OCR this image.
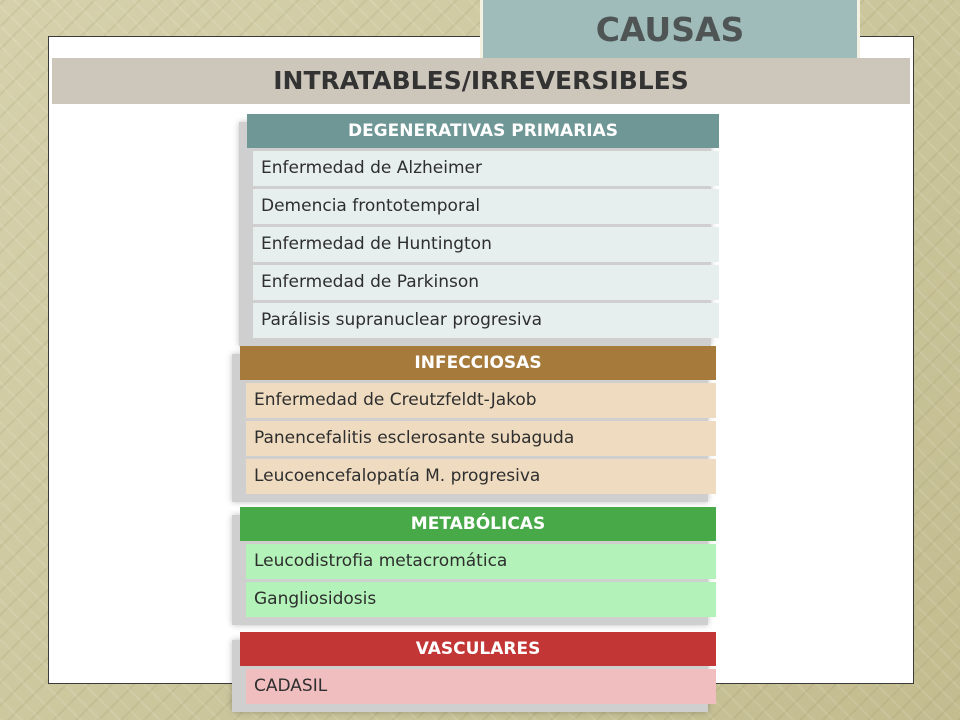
CAUSAS
INTRATABLES/IRREVERSIBLES
DEGENERATIVAS PRIMARIAS
Enfermedad de Alzheimer
Demencia frontotemporal
Enfermedad de Huntington
Enfermedad de Parkinson
Parálisis supranuclear progresiva
INFECCIOSAS
Enfermedad de Creutzfeldt-Jakob
Panencefalitis esclerosante subaguda
Leucoencefalopatía M. progresiva
METABÓLICAS
Leucodistrofia metacromática
Gangliosidosis
VASCULARES
CADASIL
